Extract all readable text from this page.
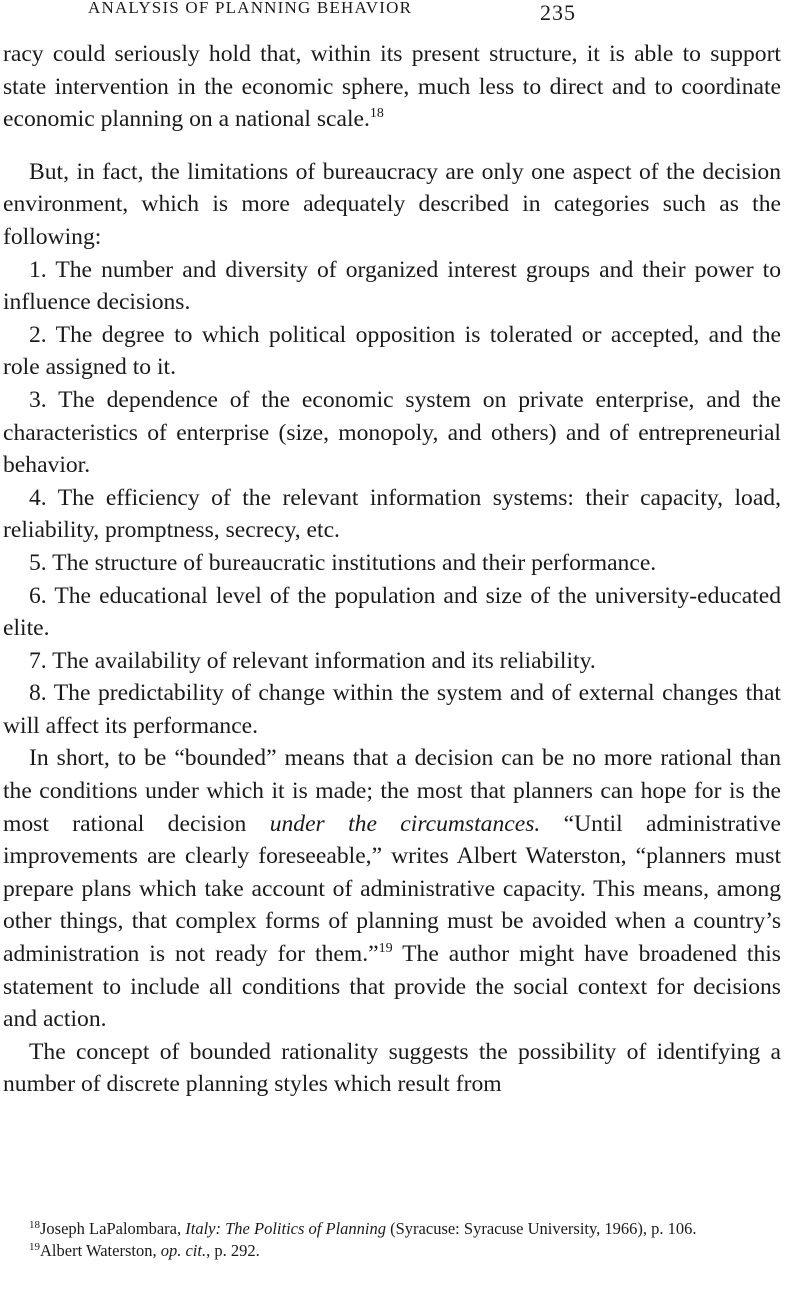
ANALYSIS OF PLANNING BEHAVIOR	235

racy could seriously hold that, within its present structure, it is able to support state intervention in the economic sphere, much less to direct and to coordinate economic planning on a national scale.$^{18}$

But, in fact, the limitations of bureaucracy are only one aspect of the decision environment, which is more adequately described in categories such as the following:

1. The number and diversity of organized interest groups and their power to influence decisions.

2. The degree to which political opposition is tolerated or accepted, and the role assigned to it.

3. The dependence of the economic system on private enterprise, and the characteristics of enterprise (size, monopoly, and others) and of entrepreneurial behavior.

4. The efficiency of the relevant information systems: their capacity, load, reliability, promptness, secrecy, etc.

5. The structure of bureaucratic institutions and their performance.

6. The educational level of the population and size of the university-educated elite.

7. The availability of relevant information and its reliability.

8. The predictability of change within the system and of external changes that will affect its performance.

In short, to be “bounded” means that a decision can be no more rational than the conditions under which it is made; the most that planners can hope for is the most rational decision under the circumstances. “Until administrative improvements are clearly foreseeable,” writes Albert Waterston, “planners must prepare plans which take account of administrative capacity. This means, among other things, that complex forms of planning must be avoided when a country’s administration is not ready for them.”$^{19}$ The author might have broadened this statement to include all conditions that provide the social context for decisions and action.

The concept of bounded rationality suggests the possibility of identifying a number of discrete planning styles which result from

$^{18}$Joseph LaPalombara, Italy: The Politics of Planning (Syracuse: Syracuse University, 1966), p. 106.

$^{19}$Albert Waterston, op. cit., p. 292.
